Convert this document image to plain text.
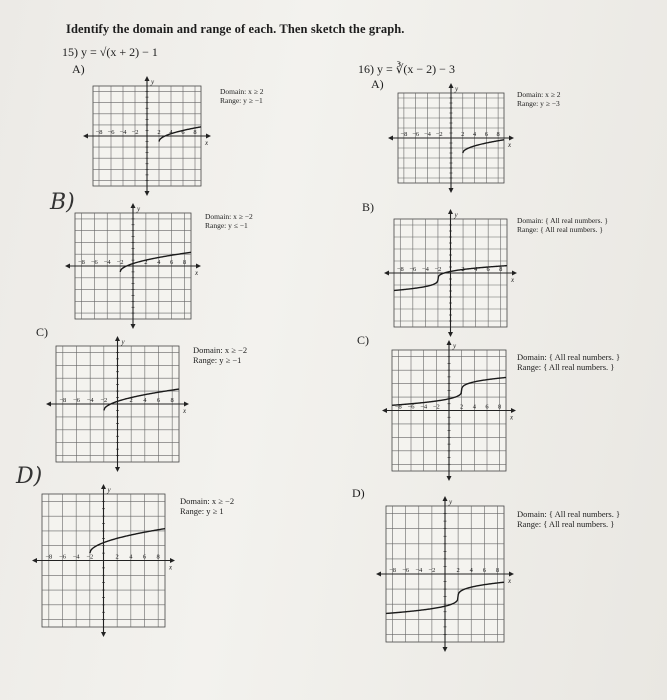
Identify the domain and range of each. Then sketch the graph.
15) y = √(x + 2) − 1
16) y = ∛(x − 2) − 3
A)
B)
C)
D)
A)
B)
C)
D)
Domain: x ≥ 2
Range: y ≥ −1
Domain: x ≥ −2
Range: y ≤ −1
Domain: x ≥ −2
Range: y ≥ −1
Domain: x ≥ −2
Range: y ≥ 1
Domain: x ≥ 2
Range: y ≥ −3
Domain: { All real numbers. }
Range: { All real numbers. }
Domain: { All real numbers. }
Range: { All real numbers. }
Domain: { All real numbers. }
Range: { All real numbers. }
−8 −6 −4 −2	2 4 6 8
x
y
−8 −6 −4 −2	2 4 6 8
x
y
−8 −6 −4 −2	2 4 6 8
x
y
−8 −6 −4 −2	2 4 6 8
x
y
−8 −6 −4 −2	2 4 6 8
x
y
−8 −6 −4 −2	2 4 6 8
x
y
−8 −6 −4 −2	2 4 6 8
x
y
−8 −6 −4 −2	2 4 6 8
x
y
